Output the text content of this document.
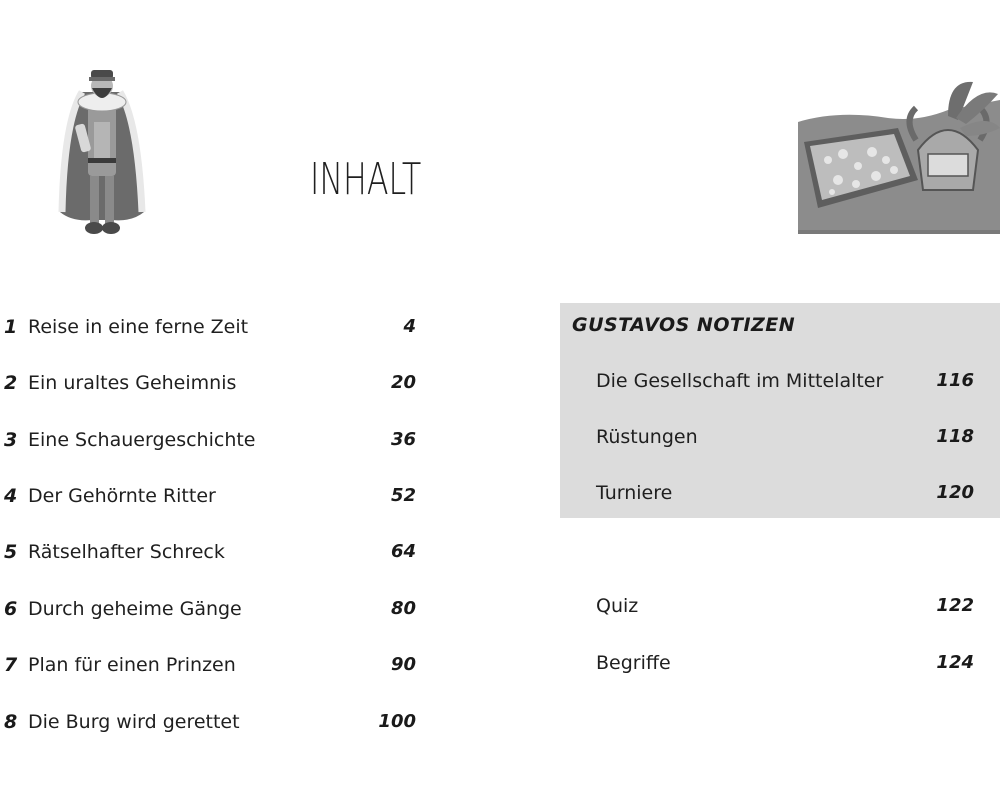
INHALT
1 Reise in eine ferne Zeit	4
2 Ein uraltes Geheimnis	20
3 Eine Schauergeschichte	36
4 Der Gehörnte Ritter	52
5 Rätselhafter Schreck	64
6 Durch geheime Gänge	80
7 Plan für einen Prinzen	90
8 Die Burg wird gerettet	100
GUSTAVOS NOTIZEN
Die Gesellschaft im Mittelalter	116
Rüstungen	118
Turniere	120
Quiz	122
Begriffe	124
